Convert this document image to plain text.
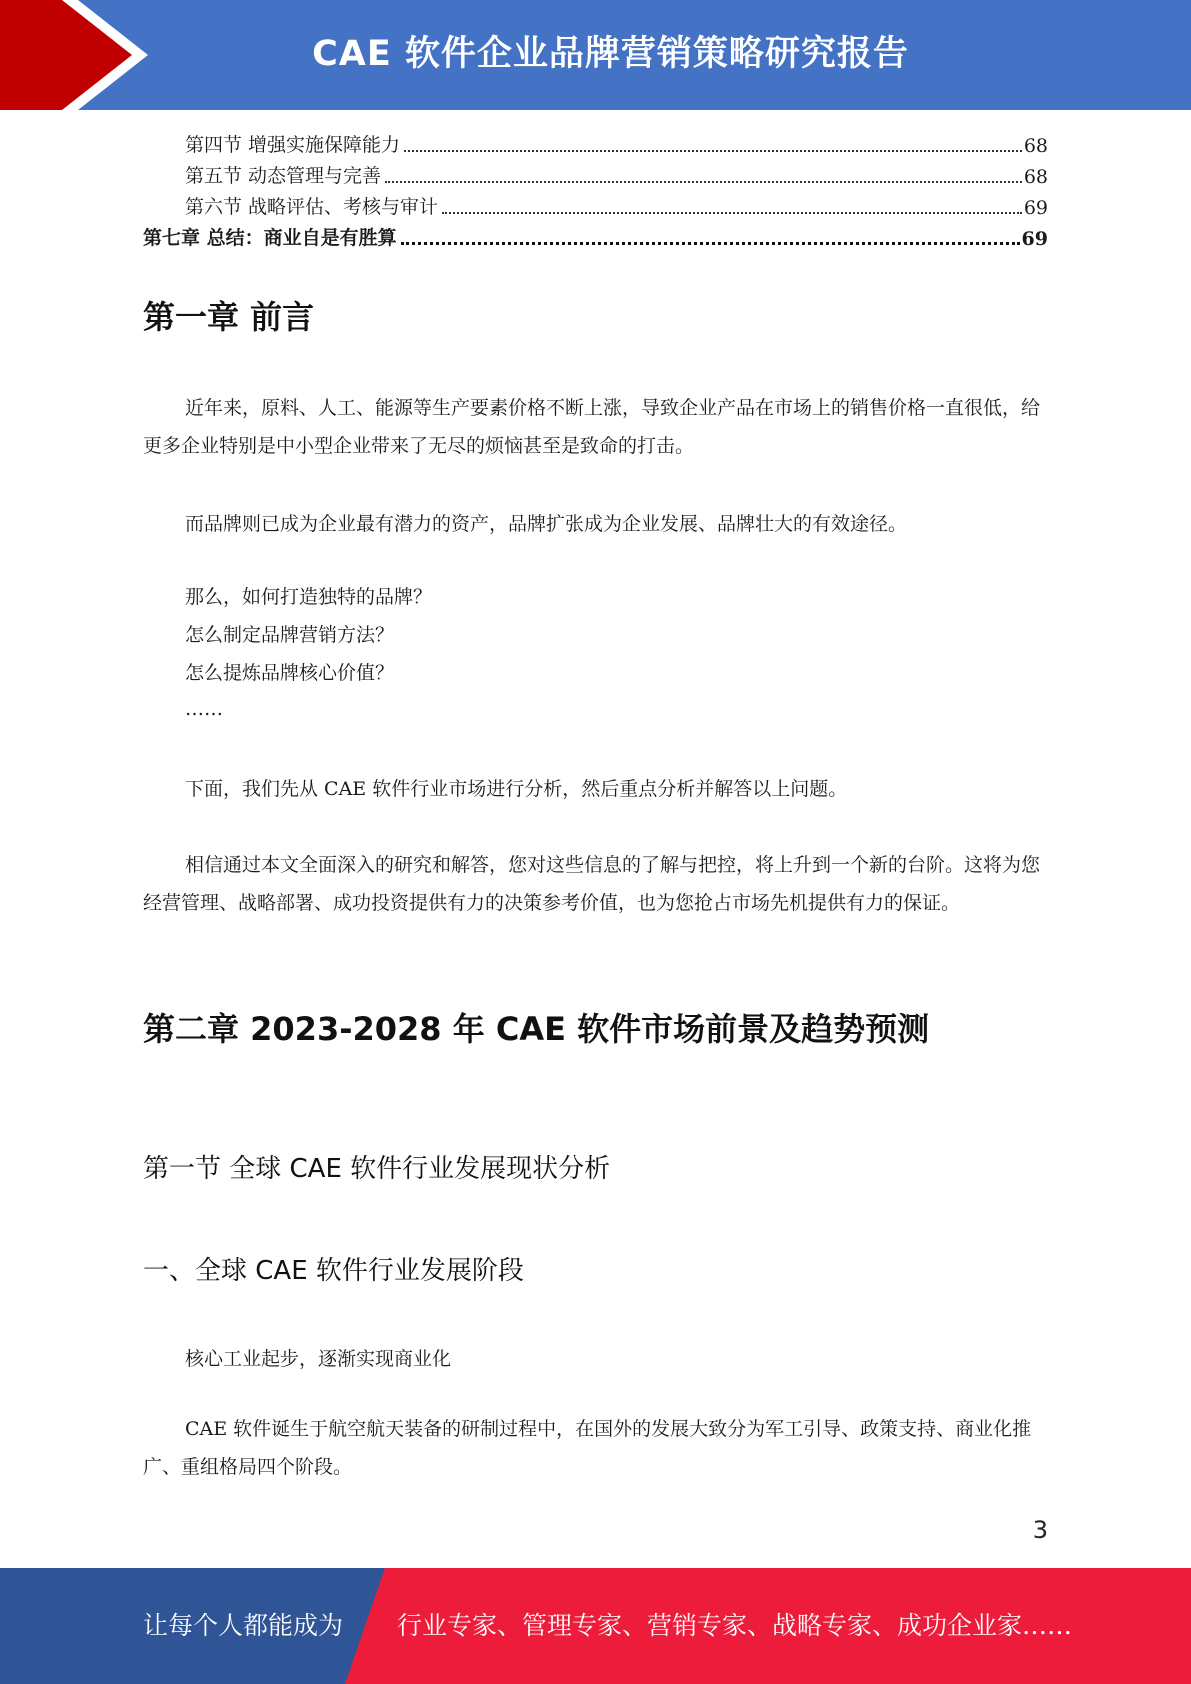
CAE 软件企业品牌营销策略研究报告
第四节 增强实施保障能力	68
第五节 动态管理与完善	68
第六节 战略评估、考核与审计	69
第七章 总结：商业自是有胜算	69
第一章 前言

近年来，原料、人工、能源等生产要素价格不断上涨，导致企业产品在市场上的销售价格一直很低，给更多企业特别是中小型企业带来了无尽的烦恼甚至是致命的打击。

而品牌则已成为企业最有潜力的资产，品牌扩张成为企业发展、品牌壮大的有效途径。

那么，如何打造独特的品牌？
怎么制定品牌营销方法？
怎么提炼品牌核心价值？
……

下面，我们先从 CAE 软件行业市场进行分析，然后重点分析并解答以上问题。

相信通过本文全面深入的研究和解答，您对这些信息的了解与把控，将上升到一个新的台阶。这将为您经营管理、战略部署、成功投资提供有力的决策参考价值，也为您抢占市场先机提供有力的保证。

第二章 2023-2028 年 CAE 软件市场前景及趋势预测
第一节 全球 CAE 软件行业发展现状分析
一、全球 CAE 软件行业发展阶段

核心工业起步，逐渐实现商业化

CAE 软件诞生于航空航天装备的研制过程中，在国外的发展大致分为军工引导、政策支持、商业化推广、重组格局四个阶段。

3
让每个人都能成为 行业专家、管理专家、营销专家、战略专家、成功企业家……
